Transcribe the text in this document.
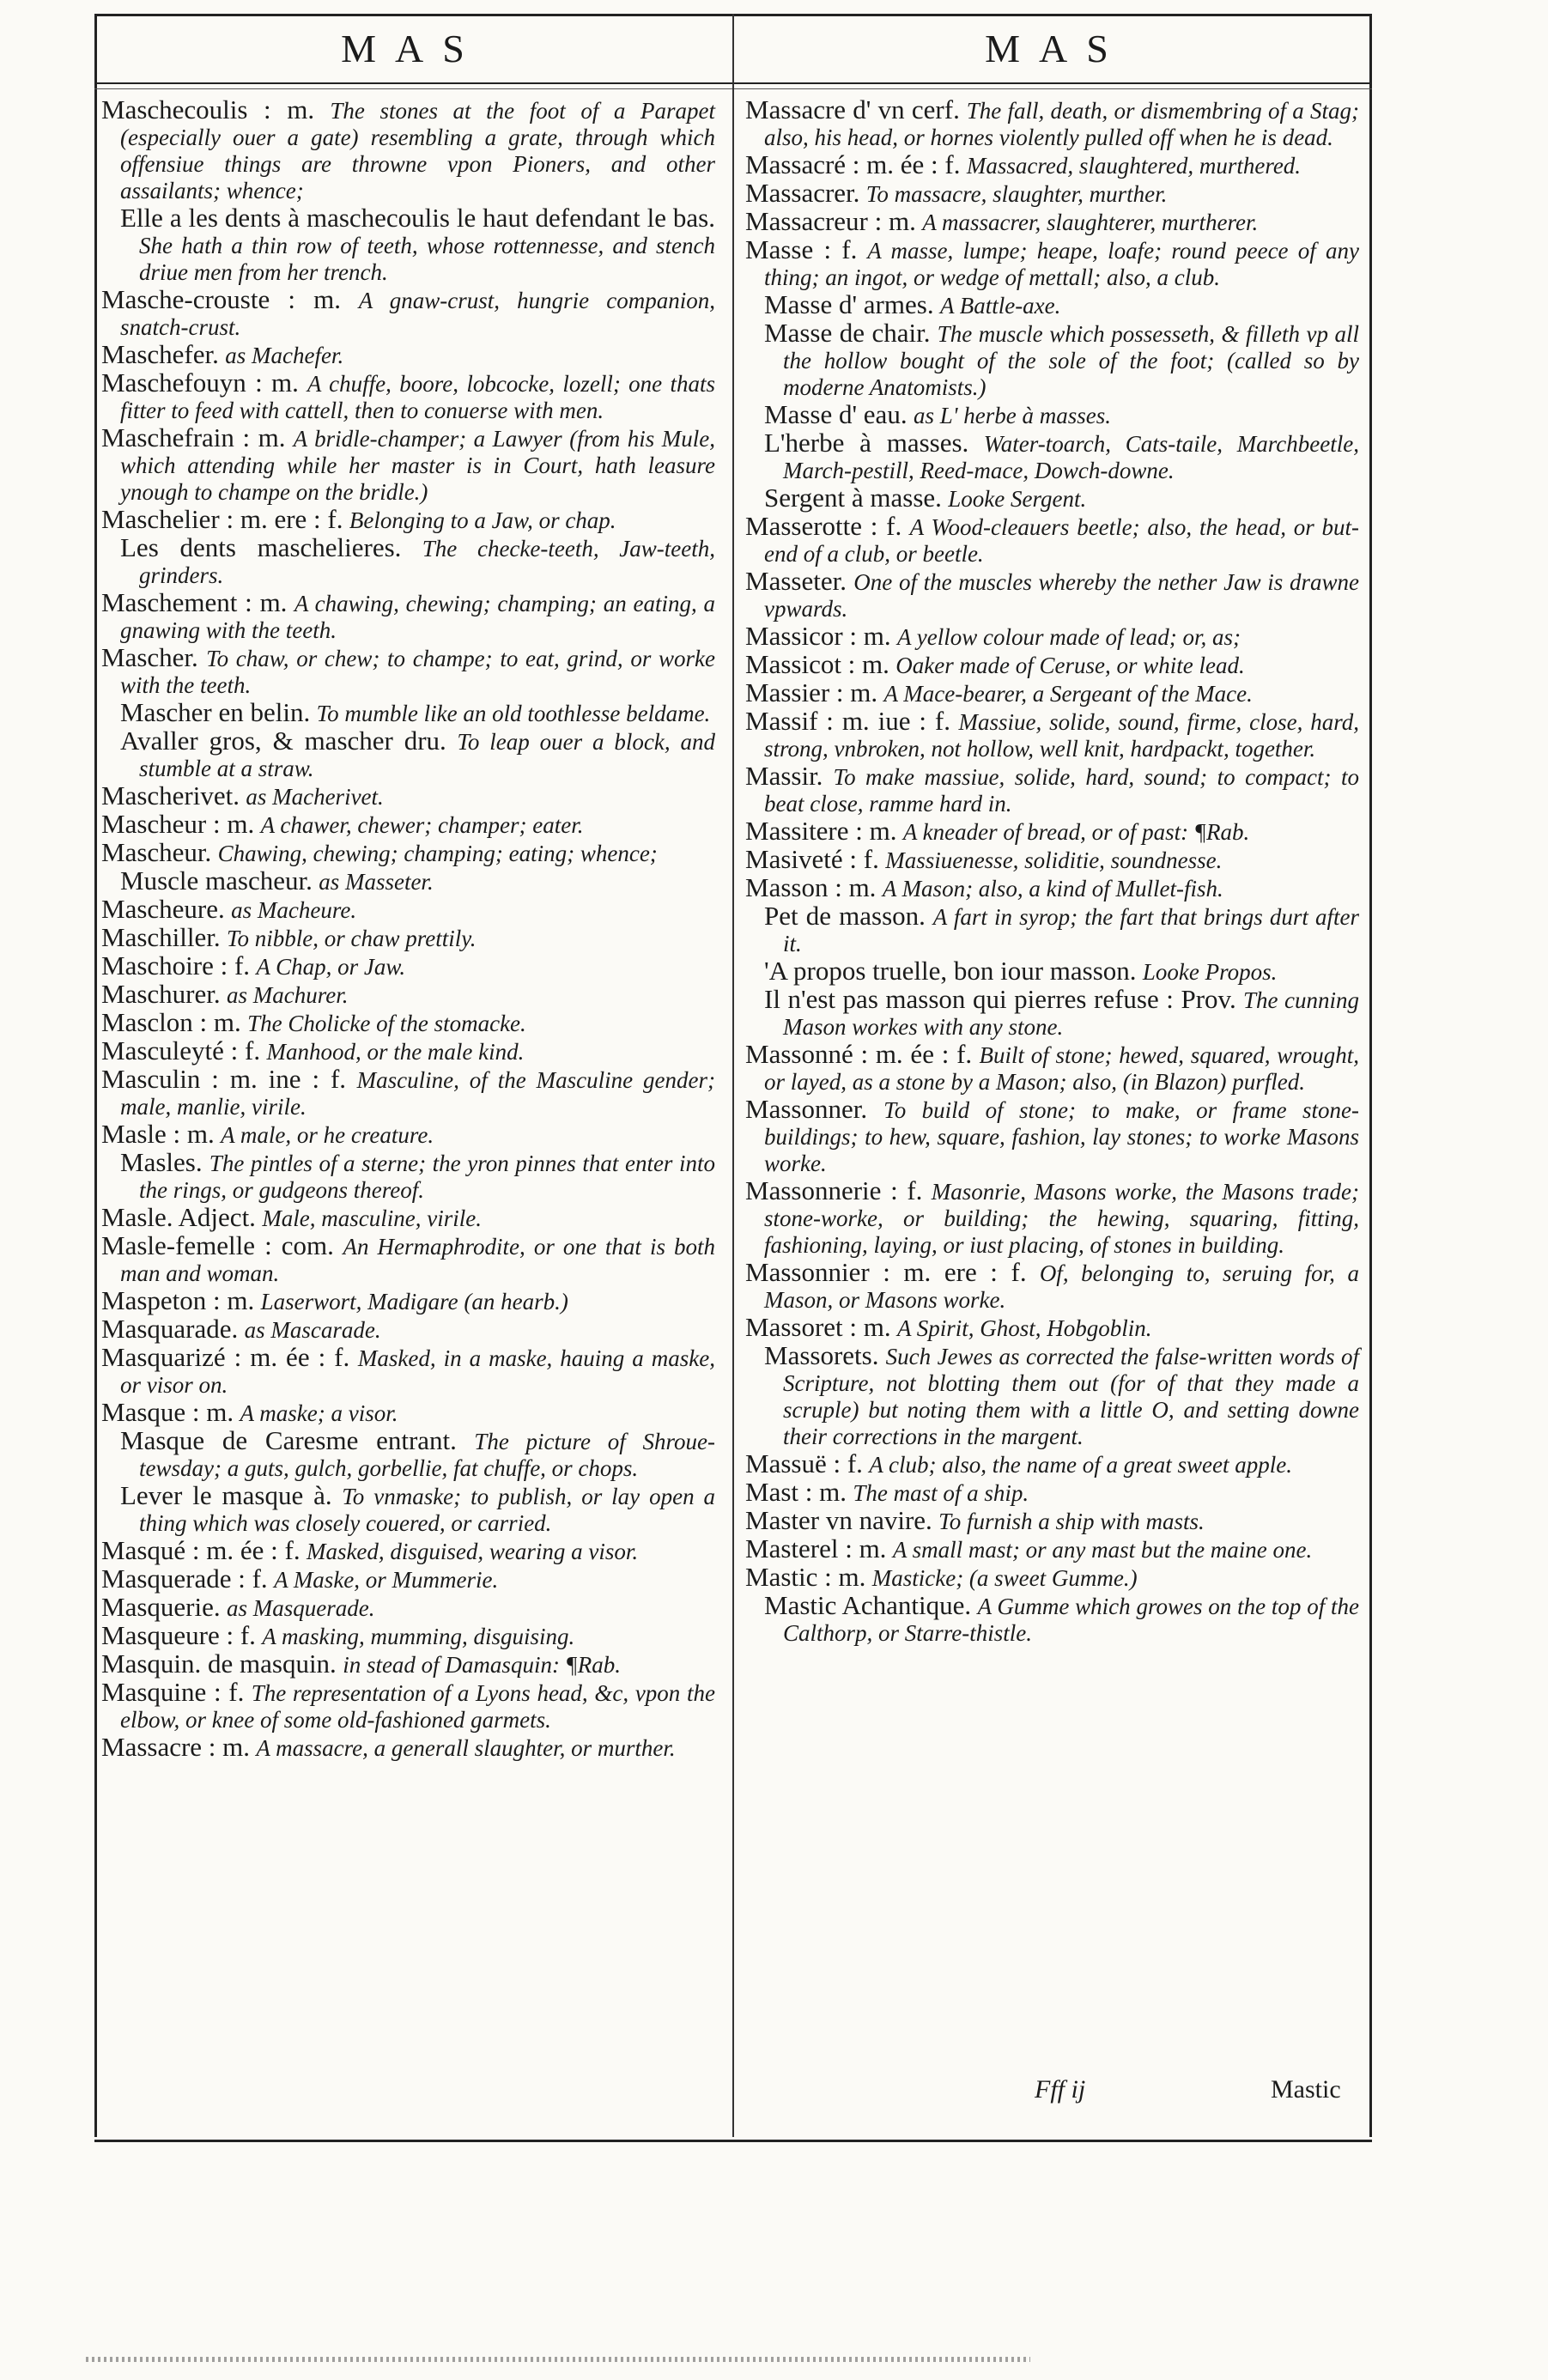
MAS	MAS

Maschecoulis : m. The stones at the foot of a Parapet (especially ouer a gate) resembling a grate, through which offensiue things are throwne vpon Pioners, and other assailants; whence;

Elle a les dents à maschecoulis le haut defendant le bas. She hath a thin row of teeth, whose rottennesse, and stench driue men from her trench.

Masche-crouste : m. A gnaw-crust, hungrie companion, snatch-crust.

Maschefer. as Machefer.

Maschefouyn : m. A chuffe, boore, lobcocke, lozell; one thats fitter to feed with cattell, then to conuerse with men.

Maschefrain : m. A bridle-champer; a Lawyer (from his Mule, which attending while her master is in Court, hath leasure ynough to champe on the bridle.)

Maschelier : m. ere : f. Belonging to a Jaw, or chap.

Les dents maschelieres. The checke-teeth, Jaw-teeth, grinders.

Maschement : m. A chawing, chewing; champing; an eating, a gnawing with the teeth.

Mascher. To chaw, or chew; to champe; to eat, grind, or worke with the teeth.

Mascher en belin. To mumble like an old toothlesse beldame.

Avaller gros, & mascher dru. To leap ouer a block, and stumble at a straw.

Mascherivet. as Macherivet.

Mascheur : m. A chawer, chewer; champer; eater.

Mascheur. Chawing, chewing; champing; eating; whence;

Muscle mascheur. as Masseter.

Mascheure. as Macheure.

Maschiller. To nibble, or chaw prettily.

Maschoire : f. A Chap, or Jaw.

Maschurer. as Machurer.

Masclon : m. The Cholicke of the stomacke.

Masculeyté : f. Manhood, or the male kind.

Masculin : m. ine : f. Masculine, of the Masculine gender; male, manlie, virile.

Masle : m. A male, or he creature.

Masles. The pintles of a sterne; the yron pinnes that enter into the rings, or gudgeons thereof.

Masle. Adject. Male, masculine, virile.

Masle-femelle : com. An Hermaphrodite, or one that is both man and woman.

Maspeton : m. Laserwort, Madigare (an hearb.)

Masquarade. as Mascarade.

Masquarizé : m. ée : f. Masked, in a maske, hauing a maske, or visor on.

Masque : m. A maske; a visor.

Masque de Caresme entrant. The picture of Shroue-tewsday; a guts, gulch, gorbellie, fat chuffe, or chops.

Lever le masque à. To vnmaske; to publish, or lay open a thing which was closely couered, or carried.

Masqué : m. ée : f. Masked, disguised, wearing a visor.

Masquerade : f. A Maske, or Mummerie.

Masquerie. as Masquerade.

Masqueure : f. A masking, mumming, disguising.

Masquin. de masquin. in stead of Damasquin: ¶Rab.

Masquine : f. The representation of a Lyons head, &c, vpon the elbow, or knee of some old-fashioned garmets.

Massacre : m. A massacre, a generall slaughter, or murther.

Massacre d' vn cerf. The fall, death, or dismembring of a Stag; also, his head, or hornes violently pulled off when he is dead.

Massacré : m. ée : f. Massacred, slaughtered, murthered.

Massacrer. To massacre, slaughter, murther.

Massacreur : m. A massacrer, slaughterer, murtherer.

Masse : f. A masse, lumpe; heape, loafe; round peece of any thing; an ingot, or wedge of mettall; also, a club.

Masse d' armes. A Battle-axe.

Masse de chair. The muscle which possesseth, & filleth vp all the hollow bought of the sole of the foot; (called so by moderne Anatomists.)

Masse d' eau. as L' herbe à masses.

L'herbe à masses. Water-toarch, Cats-taile, Marchbeetle, March-pestill, Reed-mace, Dowch-downe.

Sergent à masse. Looke Sergent.

Masserotte : f. A Wood-cleauers beetle; also, the head, or but-end of a club, or beetle.

Masseter. One of the muscles whereby the nether Jaw is drawne vpwards.

Massicor : m. A yellow colour made of lead; or, as;

Massicot : m. Oaker made of Ceruse, or white lead.

Massier : m. A Mace-bearer, a Sergeant of the Mace.

Massif : m. iue : f. Massiue, solide, sound, firme, close, hard, strong, vnbroken, not hollow, well knit, hardpackt, together.

Massir. To make massiue, solide, hard, sound; to compact; to beat close, ramme hard in.

Massitere : m. A kneader of bread, or of past: ¶Rab.

Masiveté : f. Massiuenesse, soliditie, soundnesse.

Masson : m. A Mason; also, a kind of Mullet-fish.

Pet de masson. A fart in syrop; the fart that brings durt after it.

'A propos truelle, bon iour masson. Looke Propos.

Il n'est pas masson qui pierres refuse : Prov. The cunning Mason workes with any stone.

Massonné : m. ée : f. Built of stone; hewed, squared, wrought, or layed, as a stone by a Mason; also, (in Blazon) purfled.

Massonner. To build of stone; to make, or frame stone-buildings; to hew, square, fashion, lay stones; to worke Masons worke.

Massonnerie : f. Masonrie, Masons worke, the Masons trade; stone-worke, or building; the hewing, squaring, fitting, fashioning, laying, or iust placing, of stones in building.

Massonnier : m. ere : f. Of, belonging to, seruing for, a Mason, or Masons worke.

Massoret : m. A Spirit, Ghost, Hobgoblin.

Massorets. Such Jewes as corrected the false-written words of Scripture, not blotting them out (for of that they made a scruple) but noting them with a little O, and setting downe their corrections in the margent.

Massuë : f. A club; also, the name of a great sweet apple.

Mast : m. The mast of a ship.

Master vn navire. To furnish a ship with masts.

Masterel : m. A small mast; or any mast but the maine one.

Mastic : m. Masticke; (a sweet Gumme.)

Mastic Achantique. A Gumme which growes on the top of the Calthorp, or Starre-thistle.

Fff ij	Mastic
